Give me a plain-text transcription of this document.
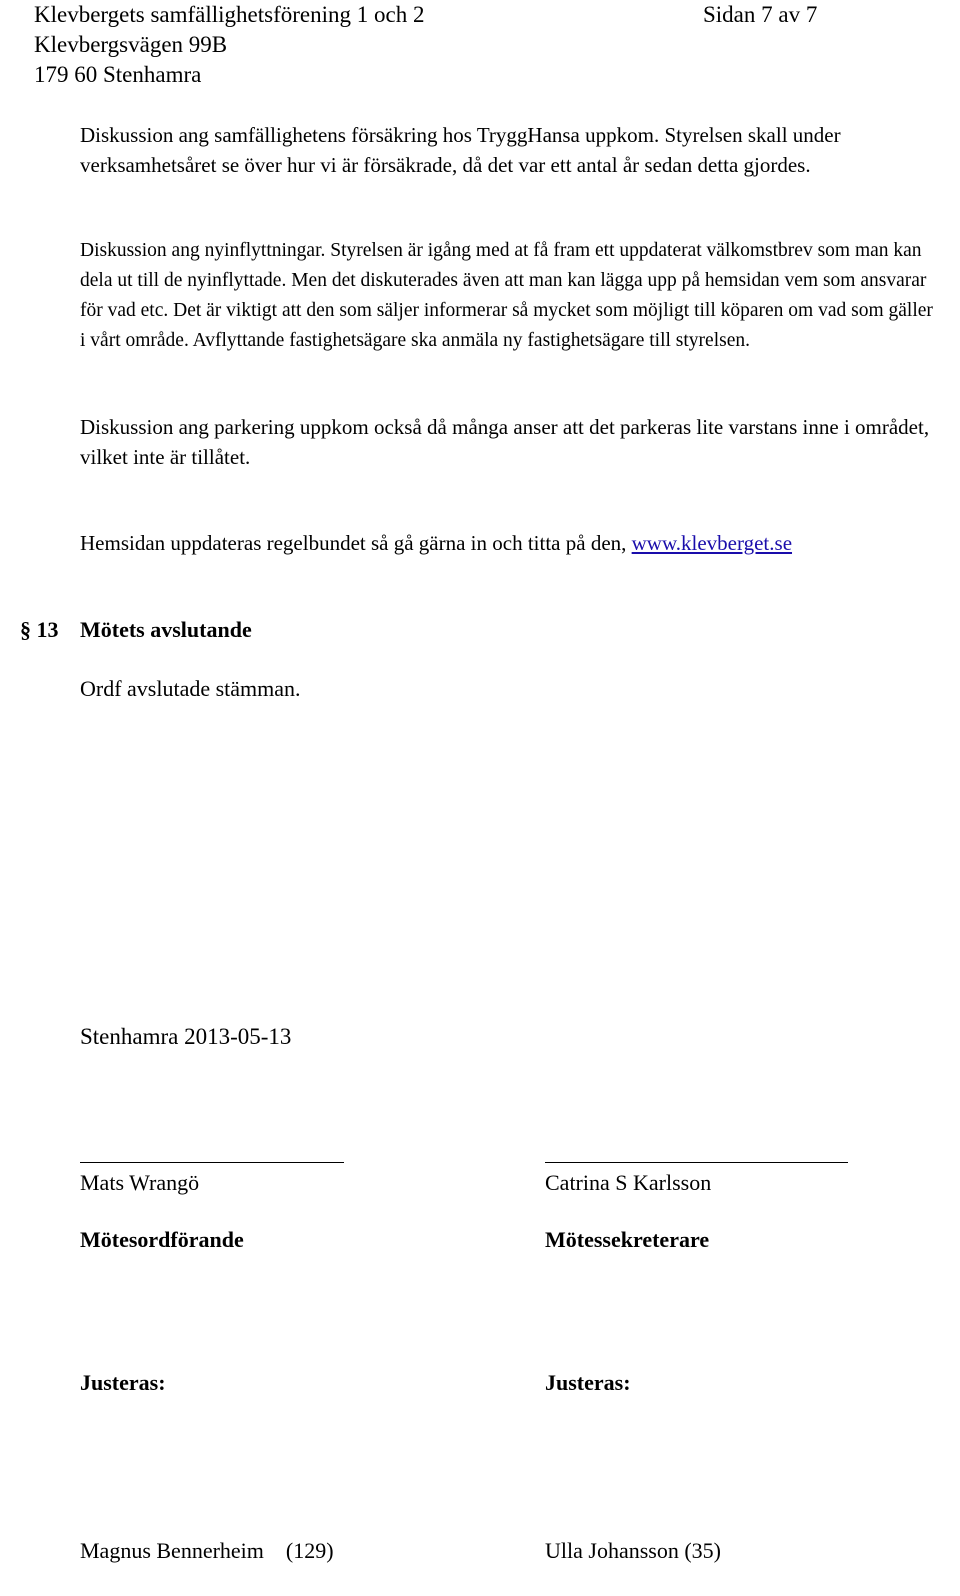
Klevbergets samfällighetsförening 1 och 2	Sidan 7 av 7
Klevbergsvägen 99B
179 60 Stenhamra
Diskussion ang samfällighetens försäkring hos TryggHansa uppkom. Styrelsen skall under verksamhetsåret se över hur vi är försäkrade, då det var ett antal år sedan detta gjordes.
Diskussion ang nyinflyttningar. Styrelsen är igång med at få fram ett uppdaterat välkomstbrev som man kan dela ut till de nyinflyttade. Men det diskuterades även att man kan lägga upp på hemsidan vem som ansvarar för vad etc. Det är viktigt att den som säljer informerar så mycket som möjligt till köparen om vad som gäller i vårt område. Avflyttande fastighetsägare ska anmäla ny fastighetsägare till styrelsen.
Diskussion ang parkering uppkom också då många anser att det parkeras lite varstans inne i området, vilket inte är tillåtet.
Hemsidan uppdateras regelbundet så gå gärna in och titta på den, www.klevberget.se
§ 13 Mötets avslutande
Ordf avslutade stämman.
Stenhamra 2013-05-13
Mats Wrangö	Catrina S Karlsson
Mötesordförande	Mötessekreterare
Justeras:	Justeras:
Magnus Bennerheim    (129)	Ulla Johansson (35)
